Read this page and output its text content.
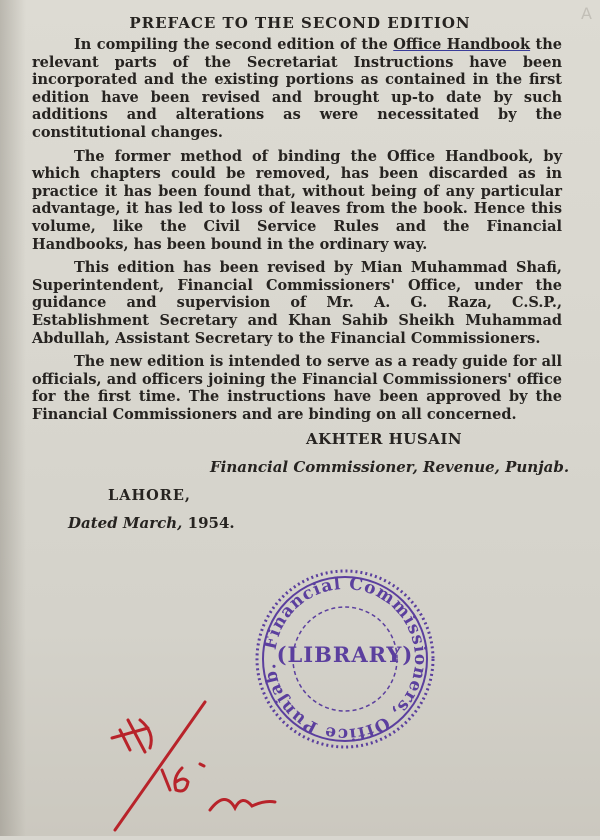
A
PREFACE TO THE SECOND EDITION

In compiling the second edition of the Office Handbook the relevant parts of the Secretariat Instructions have been incorporated and the existing portions as contained in the first edition have been revised and brought up-to date by such additions and alterations as were necessitated by the constitutional changes.

The former method of binding the Office Handbook, by which chapters could be removed, has been discarded as in practice it has been found that, without being of any particular advantage, it has led to loss of leaves from the book. Hence this volume, like the Civil Service Rules and the Financial Handbooks, has been bound in the ordinary way.

This edition has been revised by Mian Muhammad Shafi, Superintendent, Financial Commissioners' Office, under the guidance and supervision of Mr. A. G. Raza, C.S.P., Establishment Secretary and Khan Sahib Sheikh Muhammad Abdullah, Assistant Secretary to the Financial Commissioners.

The new edition is intended to serve as a ready guide for all officials, and officers joining the Financial Commissioners' office for the first time. The instructions have been approved by the Financial Commissioners and are binding on all concerned.

AKHTER HUSAIN
Financial Commissioner, Revenue, Punjab.
LAHORE,
Dated March, 1954.
Financial Commissioners, Office Punjab.
(LIBRARY)
